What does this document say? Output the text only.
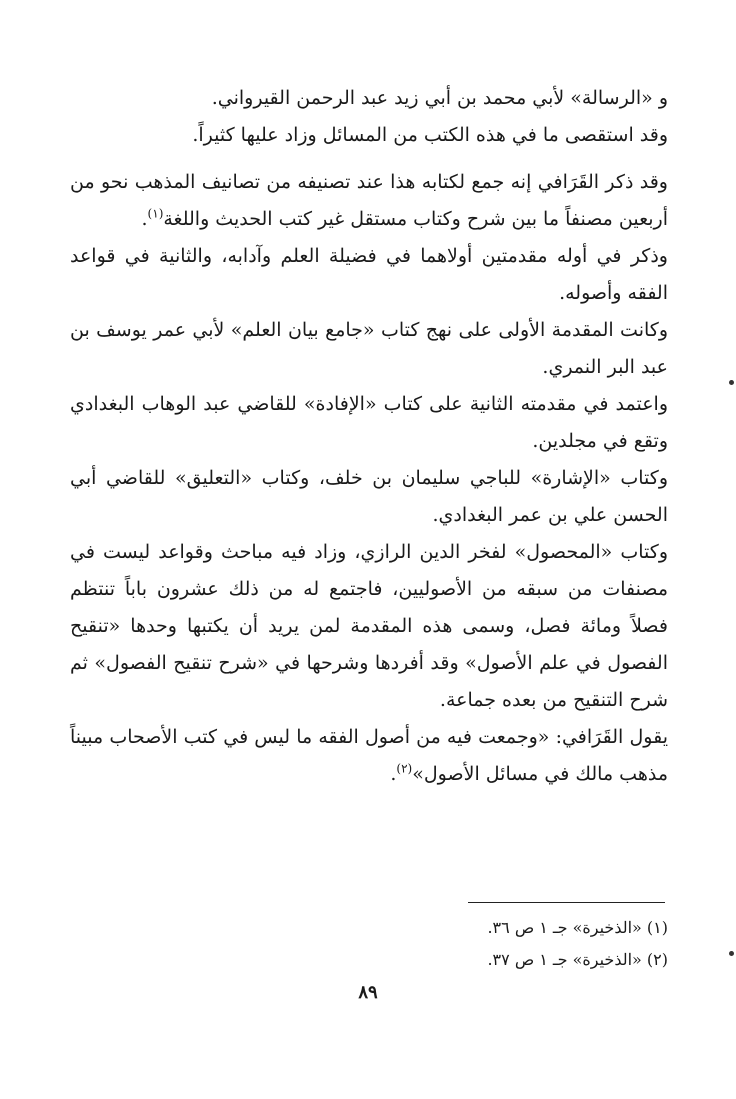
و «الرسالة» لأبي محمد بن أبي زيد عبد الرحمن القيرواني.

وقد استقصى ما في هذه الكتب من المسائل وزاد عليها كثيراً.

وقد ذكر القَرَافي إنه جمع لكتابه هذا عند تصنيفه من تصانيف المذهب نحو من أربعين مصنفاً ما بين شرح وكتاب مستقل غير كتب الحديث واللغة$^{(١)}$.

وذكر في أوله مقدمتين أولاهما في فضيلة العلم وآدابه، والثانية في قواعد الفقه وأصوله.

وكانت المقدمة الأولى على نهج كتاب «جامع بيان العلم» لأبي عمر يوسف بن عبد البر النمري.

واعتمد في مقدمته الثانية على كتاب «الإفادة» للقاضي عبد الوهاب البغدادي وتقع في مجلدين.

وكتاب «الإشارة» للباجي سليمان بن خلف، وكتاب «التعليق» للقاضي أبي الحسن علي بن عمر البغدادي.

وكتاب «المحصول» لفخر الدين الرازي، وزاد فيه مباحث وقواعد ليست في مصنفات من سبقه من الأصوليين، فاجتمع له من ذلك عشرون باباً تنتظم فصلاً ومائة فصل، وسمى هذه المقدمة لمن يريد أن يكتبها وحدها «تنقيح الفصول في علم الأصول» وقد أفردها وشرحها في «شرح تنقيح الفصول» ثم شرح التنقيح من بعده جماعة.

يقول القَرَافي: «وجمعت فيه من أصول الفقه ما ليس في كتب الأصحاب مبيناً مذهب مالك في مسائل الأصول»$^{(٢)}$.

(١) «الذخيرة» جـ ١ ص ٣٦.

(٢) «الذخيرة» جـ ١ ص ٣٧.

٨٩
